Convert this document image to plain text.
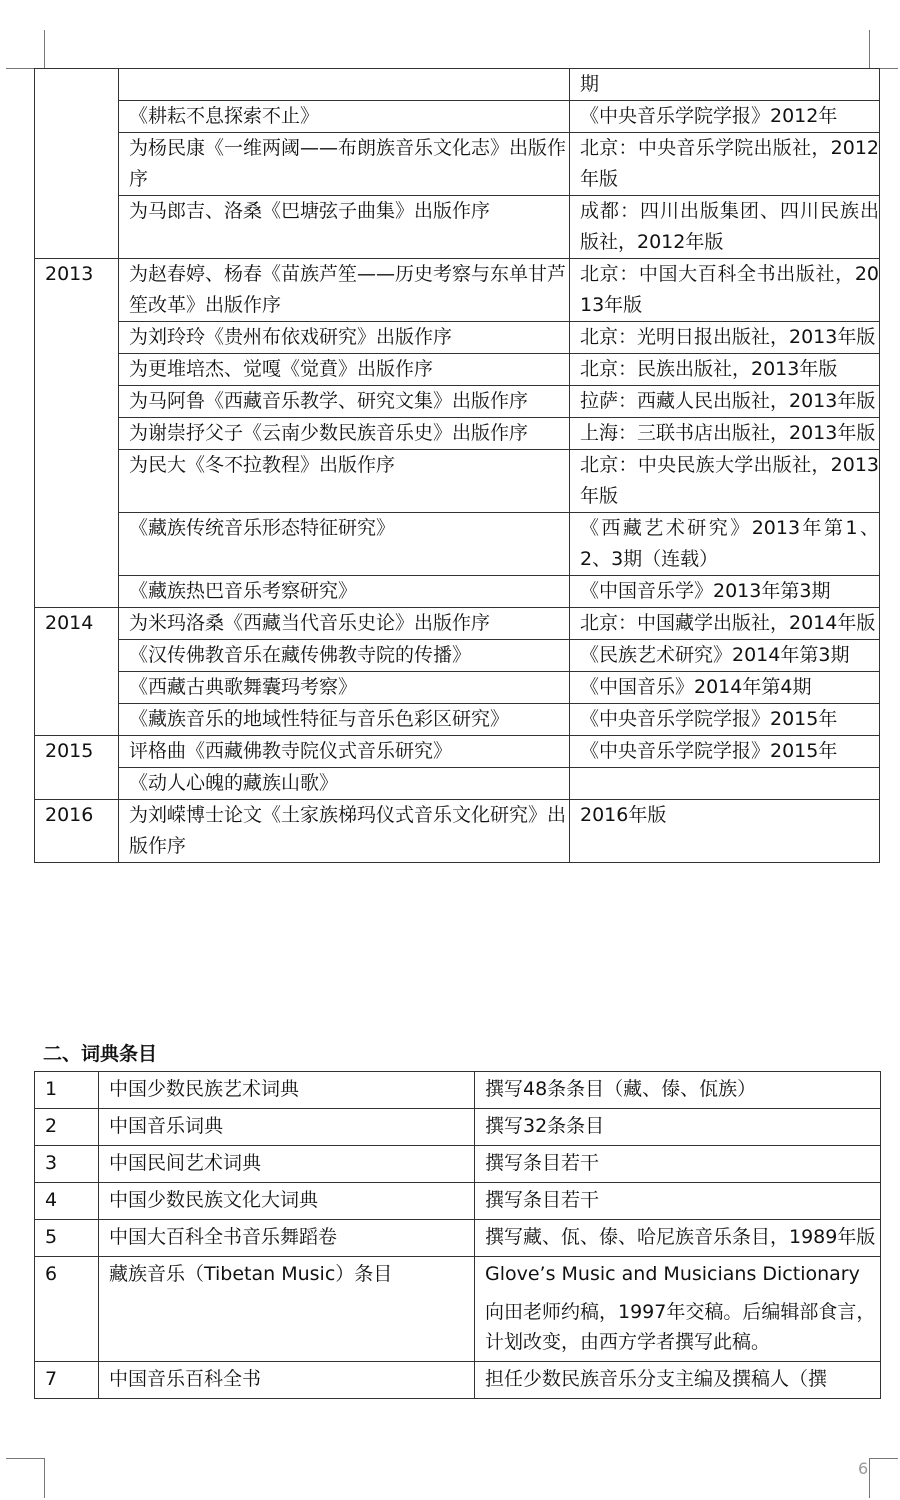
		期
	《耕耘不息探索不止》	《中央音乐学院学报》2012年
	为杨民康《一维两阈——布朗族音乐文化志》出版作序	北京：中央音乐学院出版社，2012年版
	为马郎吉、洛桑《巴塘弦子曲集》出版作序	成都：四川出版集团、四川民族出版社，2012年版
2013	为赵春婷、杨春《苗族芦笙——历史考察与东单甘芦笙改革》出版作序	北京：中国大百科全书出版社，2013年版
	为刘玲玲《贵州布依戏研究》出版作序	北京：光明日报出版社，2013年版
	为更堆培杰、觉嘎《觉賁》出版作序	北京：民族出版社，2013年版
	为马阿鲁《西藏音乐教学、研究文集》出版作序	拉萨：西藏人民出版社，2013年版
	为谢崇抒父子《云南少数民族音乐史》出版作序	上海：三联书店出版社，2013年版
	为民大《冬不拉教程》出版作序	北京：中央民族大学出版社，2013年版
	《藏族传统音乐形态特征研究》	《西藏艺术研究》2013年第1、2、3期（连载）
	《藏族热巴音乐考察研究》	《中国音乐学》2013年第3期
2014	为米玛洛桑《西藏当代音乐史论》出版作序	北京：中国藏学出版社，2014年版
	《汉传佛教音乐在藏传佛教寺院的传播》	《民族艺术研究》2014年第3期
	《西藏古典歌舞囊玛考察》	《中国音乐》2014年第4期
	《藏族音乐的地域性特征与音乐色彩区研究》	《中央音乐学院学报》2015年
2015	评格曲《西藏佛教寺院仪式音乐研究》	《中央音乐学院学报》2015年
	《动人心魄的藏族山歌》	
2016	为刘嵘博士论文《土家族梯玛仪式音乐文化研究》出版作序	2016年版
二、词典条目
1	中国少数民族艺术词典	撰写48条条目（藏、傣、佤族）

2	中国音乐词典	撰写32条条目

3	中国民间艺术词典	撰写条目若干

4	中国少数民族文化大词典	撰写条目若干

5	中国大百科全书音乐舞蹈卷	撰写藏、佤、傣、哈尼族音乐条目，1989年版

6	藏族音乐（Tibetan Music）条目	Glove’s Music and Musicians Dictionary
向田老师约稿，1997年交稿。后编辑部食言，计划改变，由西方学者撰写此稿。

7	中国音乐百科全书	担任少数民族音乐分支主编及撰稿人（撰
6
